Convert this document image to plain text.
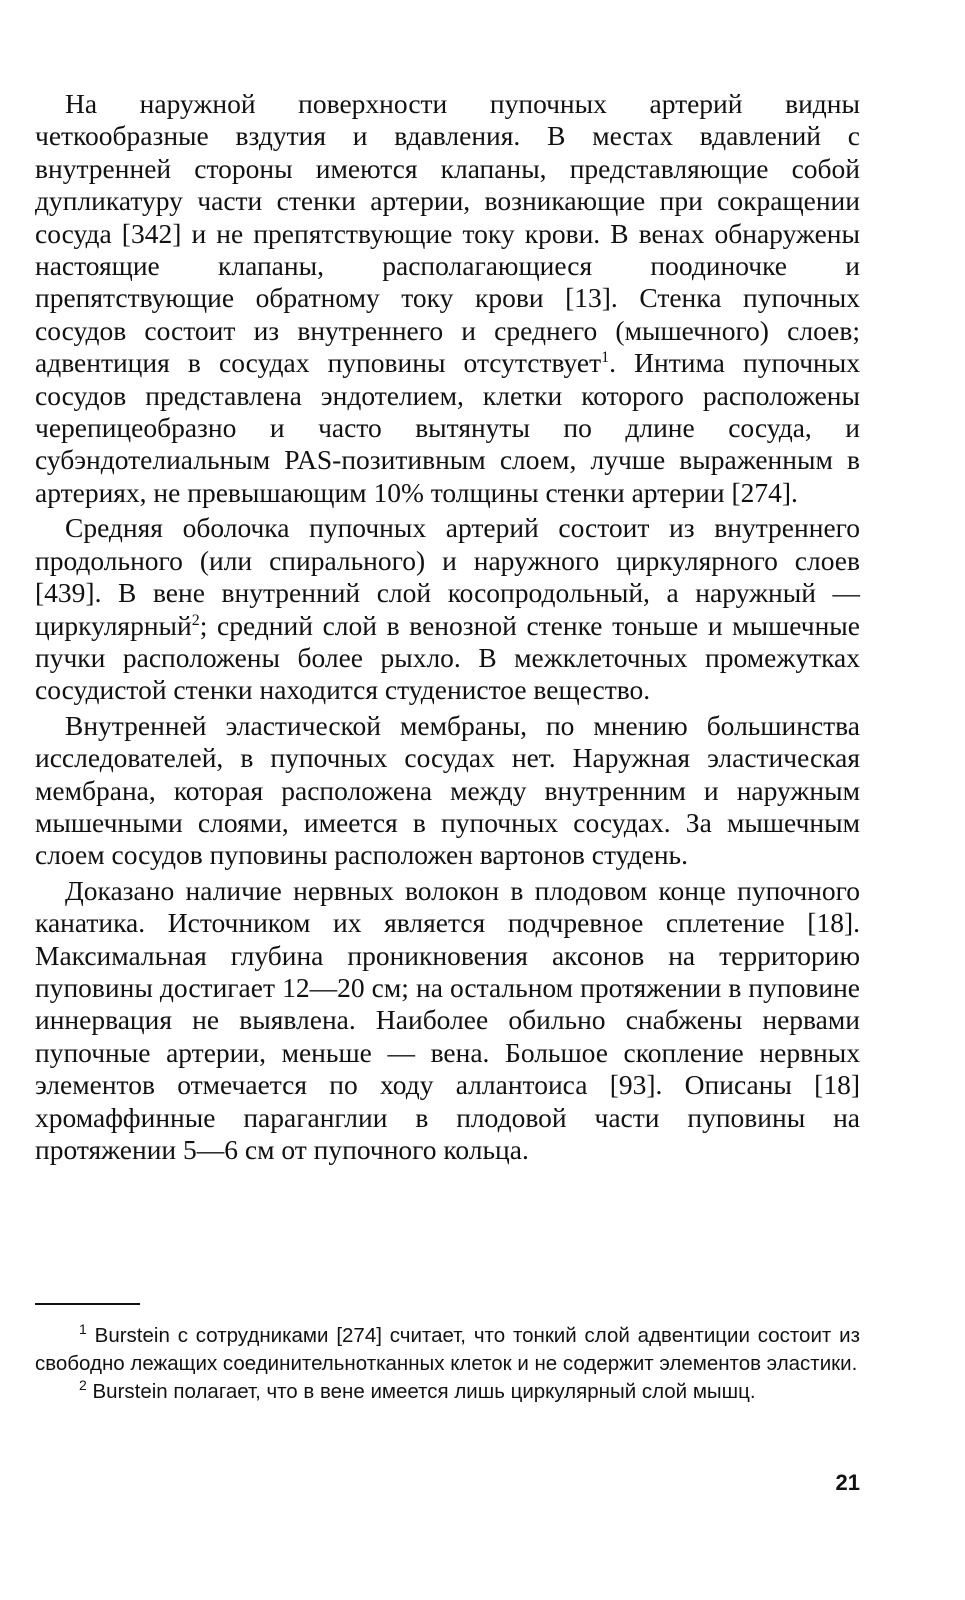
На наружной поверхности пупочных артерий видны четкообразные вздутия и вдавления. В местах вдавлений с внутренней стороны имеются клапаны, представляющие собой дупликатуру части стенки артерии, возникающие при сокращении сосуда [342] и не препятствующие току крови. В венах обнаружены настоящие клапаны, располагающиеся поодиночке и препятствующие обратному току крови [13]. Стенка пупочных сосудов состоит из внутреннего и среднего (мышечного) слоев; адвентиция в сосудах пуповины отсутствует$^1$. Интима пупочных сосудов представлена эндотелием, клетки которого расположены черепицеобразно и часто вытянуты по длине сосуда, и субэндотелиальным PAS-позитивным слоем, лучше выраженным в артериях, не превышающим 10% толщины стенки артерии [274].

Средняя оболочка пупочных артерий состоит из внутреннего продольного (или спирального) и наружного циркулярного слоев [439]. В вене внутренний слой косопродольный, а наружный — циркулярный$^2$; средний слой в венозной стенке тоньше и мышечные пучки расположены более рыхло. В межклеточных промежутках сосудистой стенки находится студенистое вещество.

Внутренней эластической мембраны, по мнению большинства исследователей, в пупочных сосудах нет. Наружная эластическая мембрана, которая расположена между внутренним и наружным мышечными слоями, имеется в пупочных сосудах. За мышечным слоем сосудов пуповины расположен вартонов студень.

Доказано наличие нервных волокон в плодовом конце пупочного канатика. Источником их является подчревное сплетение [18]. Максимальная глубина проникновения аксонов на территорию пуповины достигает 12—20 см; на остальном протяжении в пуповине иннервация не выявлена. Наиболее обильно снабжены нервами пупочные артерии, меньше — вена. Большое скопление нервных элементов отмечается по ходу аллантоиса [93]. Описаны [18] хромаффинные параганглии в плодовой части пуповины на протяжении 5—6 см от пупочного кольца.

$^1$ Burstein с сотрудниками [274] считает, что тонкий слой адвентиции состоит из свободно лежащих соединительнотканных клеток и не содержит элементов эластики.

$^2$ Burstein полагает, что в вене имеется лишь циркулярный слой мышц.

21
